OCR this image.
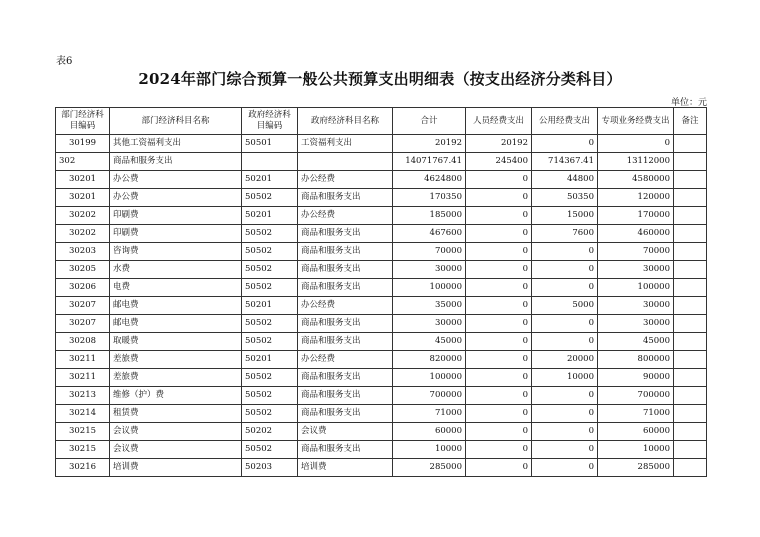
表6
2024年部门综合预算一般公共预算支出明细表（按支出经济分类科目）
单位：元
部门经济科目编码	部门经济科目名称	政府经济科目编码	政府经济科目名称	合计	人员经费支出	公用经费支出	专项业务经费支出	备注
30199	其他工资福利支出	50501	工资福利支出	20192	20192	0	0	
302	商品和服务支出			14071767.41	245400	714367.41	13112000	
30201	办公费	50201	办公经费	4624800	0	44800	4580000	
30201	办公费	50502	商品和服务支出	170350	0	50350	120000	
30202	印刷费	50201	办公经费	185000	0	15000	170000	
30202	印刷费	50502	商品和服务支出	467600	0	7600	460000	
30203	咨询费	50502	商品和服务支出	70000	0	0	70000	
30205	水费	50502	商品和服务支出	30000	0	0	30000	
30206	电费	50502	商品和服务支出	100000	0	0	100000	
30207	邮电费	50201	办公经费	35000	0	5000	30000	
30207	邮电费	50502	商品和服务支出	30000	0	0	30000	
30208	取暖费	50502	商品和服务支出	45000	0	0	45000	
30211	差旅费	50201	办公经费	820000	0	20000	800000	
30211	差旅费	50502	商品和服务支出	100000	0	10000	90000	
30213	维修（护）费	50502	商品和服务支出	700000	0	0	700000	
30214	租赁费	50502	商品和服务支出	71000	0	0	71000	
30215	会议费	50202	会议费	60000	0	0	60000	
30215	会议费	50502	商品和服务支出	10000	0	0	10000	
30216	培训费	50203	培训费	285000	0	0	285000	
